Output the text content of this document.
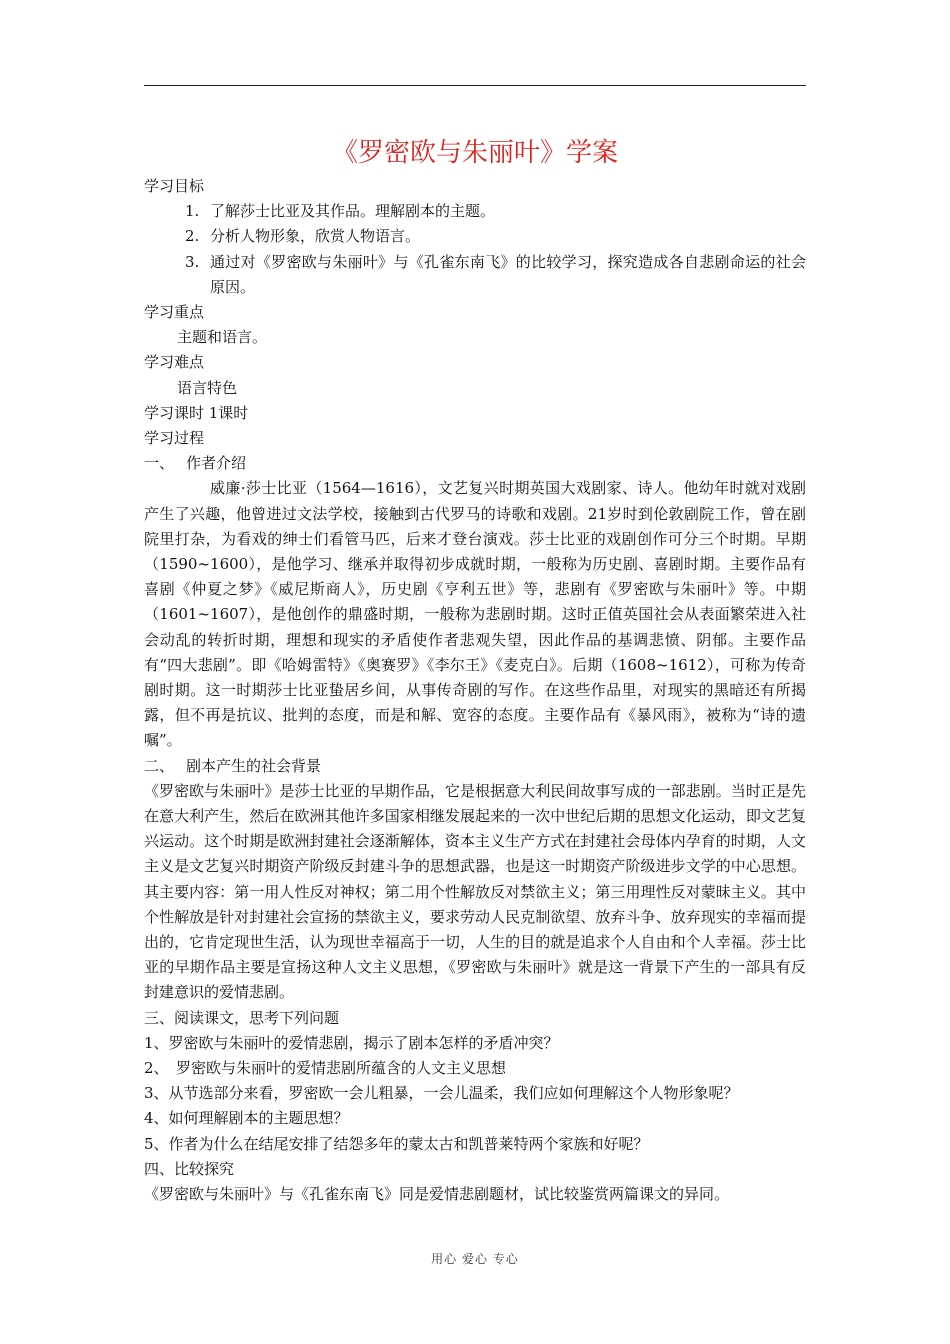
《罗密欧与朱丽叶》学案
学习目标
1. 了解莎士比亚及其作品。理解剧本的主题。
2. 分析人物形象，欣赏人物语言。
3. 通过对《罗密欧与朱丽叶》与《孔雀东南飞》的比较学习，探究造成各自悲剧命运的社会原因。
学习重点
主题和语言。
学习难点
语言特色
学习课时 1课时
学习过程
一、 作者介绍
威廉·莎士比亚（1564—1616），文艺复兴时期英国大戏剧家、诗人。他幼年时就对戏剧产生了兴趣，他曾进过文法学校，接触到古代罗马的诗歌和戏剧。21岁时到伦敦剧院工作，曾在剧院里打杂，为看戏的绅士们看管马匹，后来才登台演戏。莎士比亚的戏剧创作可分三个时期。早期（1590~1600），是他学习、继承并取得初步成就时期，一般称为历史剧、喜剧时期。主要作品有喜剧《仲夏之梦》《威尼斯商人》，历史剧《亨利五世》等，悲剧有《罗密欧与朱丽叶》等。中期（1601~1607），是他创作的鼎盛时期，一般称为悲剧时期。这时正值英国社会从表面繁荣进入社会动乱的转折时期，理想和现实的矛盾使作者悲观失望，因此作品的基调悲愤、阴郁。主要作品有“四大悲剧”。即《哈姆雷特》《奥赛罗》《李尔王》《麦克白》。后期（1608~1612），可称为传奇剧时期。这一时期莎士比亚蛰居乡间，从事传奇剧的写作。在这些作品里，对现实的黑暗还有所揭露，但不再是抗议、批判的态度，而是和解、宽容的态度。主要作品有《暴风雨》，被称为“诗的遗嘱”。
二、 剧本产生的社会背景
《罗密欧与朱丽叶》是莎士比亚的早期作品，它是根据意大利民间故事写成的一部悲剧。当时正是先在意大利产生，然后在欧洲其他许多国家相继发展起来的一次中世纪后期的思想文化运动，即文艺复兴运动。这个时期是欧洲封建社会逐渐解体，资本主义生产方式在封建社会母体内孕育的时期，人文主义是文艺复兴时期资产阶级反封建斗争的思想武器，也是这一时期资产阶级进步文学的中心思想。其主要内容：第一用人性反对神权；第二用个性解放反对禁欲主义；第三用理性反对蒙昧主义。其中个性解放是针对封建社会宣扬的禁欲主义，要求劳动人民克制欲望、放弃斗争、放弃现实的幸福而提出的，它肯定现世生活，认为现世幸福高于一切，人生的目的就是追求个人自由和个人幸福。莎士比亚的早期作品主要是宣扬这种人文主义思想，《罗密欧与朱丽叶》就是这一背景下产生的一部具有反封建意识的爱情悲剧。
三、阅读课文，思考下列问题
1、罗密欧与朱丽叶的爱情悲剧，揭示了剧本怎样的矛盾冲突？
2、　罗密欧与朱丽叶的爱情悲剧所蕴含的人文主义思想
3、从节选部分来看，罗密欧一会儿粗暴，一会儿温柔，我们应如何理解这个人物形象呢？
4、如何理解剧本的主题思想？
5、作者为什么在结尾安排了结怨多年的蒙太古和凯普莱特两个家族和好呢？
四、比较探究
《罗密欧与朱丽叶》与《孔雀东南飞》同是爱情悲剧题材，试比较鉴赏两篇课文的异同。
用心 爱心 专心
